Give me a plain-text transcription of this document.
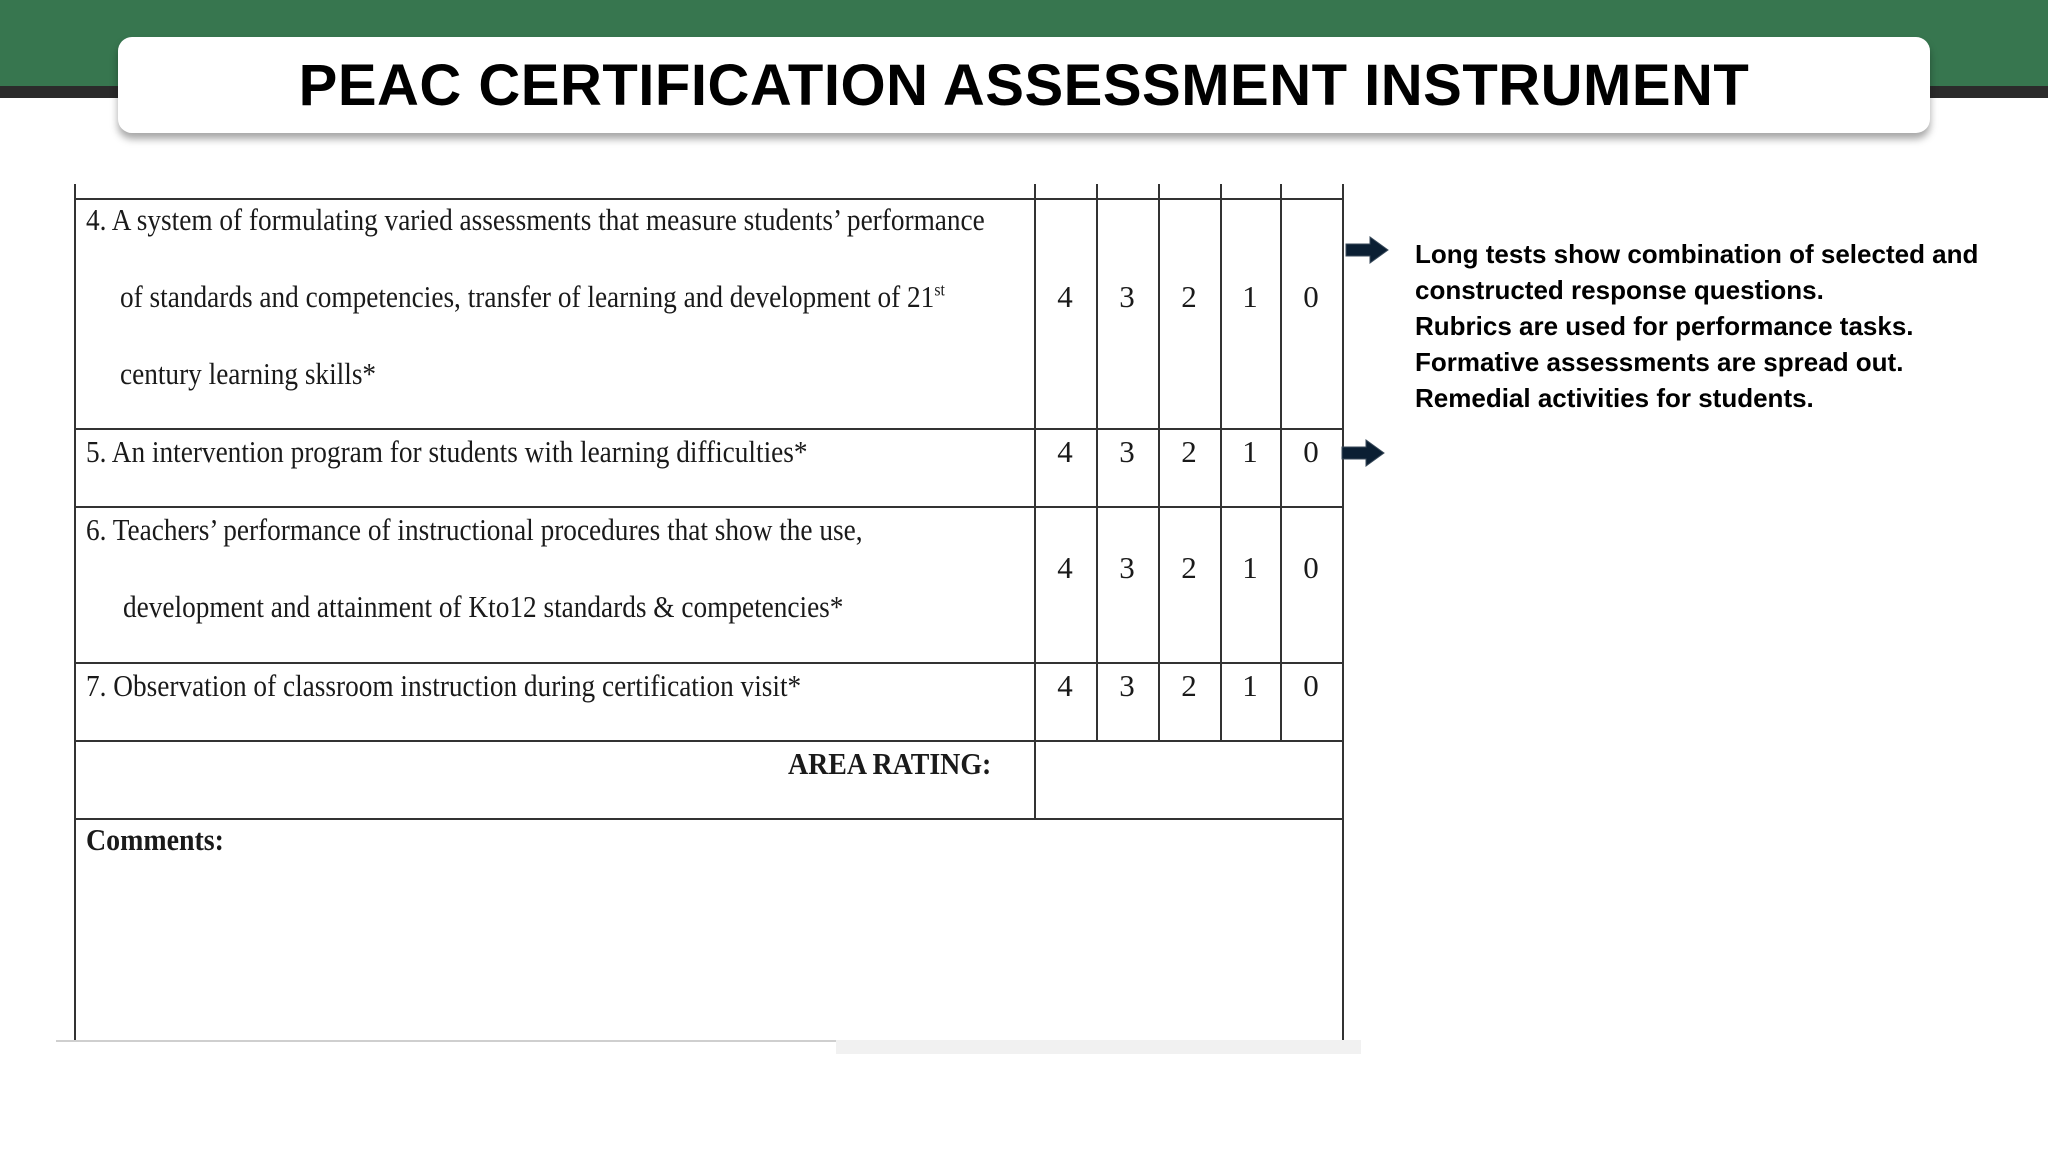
PEAC CERTIFICATION ASSESSMENT INSTRUMENT
4. A system of formulating varied assessments that measure students’ performance
of standards and competencies, transfer of learning and development of 21st
century learning skills*
4	3	2	1	0
5. An intervention program for students with learning difficulties*	4	3	2	1	0
6. Teachers’ performance of instructional procedures that show the use,
development and attainment of Kto12 standards & competencies*
4	3	2	1	0
7. Observation of classroom instruction during certification visit*	4	3	2	1	0
AREA RATING:
Comments:
Long tests show combination of selected and
constructed response questions.
Rubrics are used for performance tasks.
Formative assessments are spread out.
Remedial activities for students.
